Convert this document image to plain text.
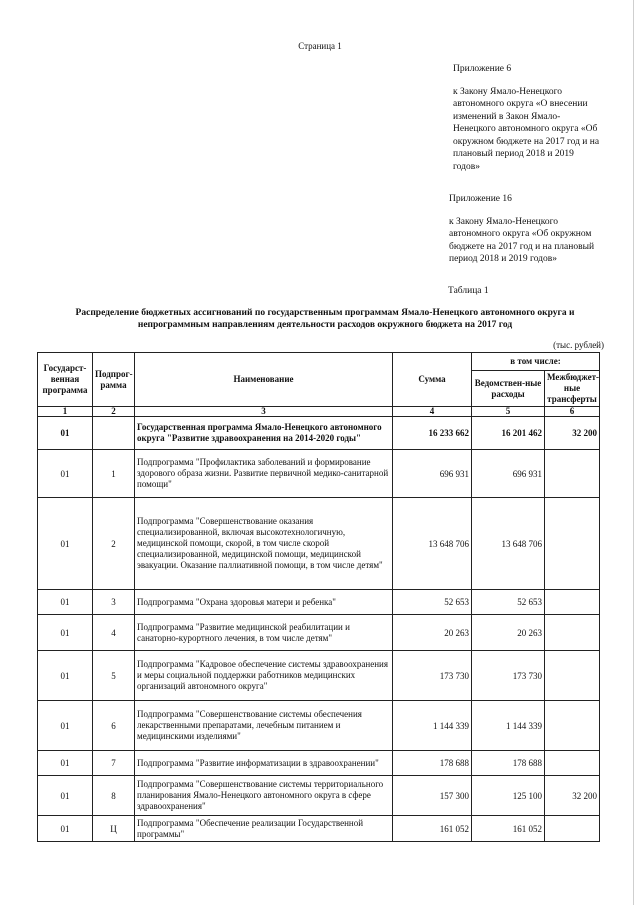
Страница 1
Приложение 6
к Закону Ямало-Ненецкого автономного округа «О внесении изменений в Закон Ямало-Ненецкого автономного округа «Об окружном бюджете на 2017 год и на плановый период 2018 и 2019 годов»
Приложение 16
к Закону Ямало-Ненецкого автономного округа «Об окружном бюджете на 2017 год и на плановый период 2018 и 2019 годов»
Таблица 1
Распределение бюджетных ассигнований по государственным программам Ямало-Ненецкого автономного округа и непрограммным направлениям деятельности расходов окружного бюджета на 2017 год
(тыс. рублей)
Государст-венная программа	Подпрог-рамма	Наименование	Сумма	в том числе:	
				Ведомствен-ные расходы	Межбюджет-ные трансферты
1	2	3	4	5	6
01		Государственная программа Ямало-Ненецкого автономного округа "Развитие здравоохранения на 2014-2020 годы"	16 233 662	16 201 462	32 200
01	1	Подпрограмма "Профилактика заболеваний и формирование здорового образа жизни. Развитие первичной медико-санитарной помощи"	696 931	696 931	
01	2	Подпрограмма "Совершенствование оказания специализированной, включая высокотехнологичную, медицинской помощи, скорой, в том числе скорой специализированной, медицинской помощи, медицинской эвакуации. Оказание паллиативной помощи, в том числе детям"	13 648 706	13 648 706	
01	3	Подпрограмма "Охрана здоровья матери и ребенка"	52 653	52 653	
01	4	Подпрограмма "Развитие медицинской реабилитации и санаторно-курортного лечения, в том числе детям"	20 263	20 263	
01	5	Подпрограмма "Кадровое обеспечение системы здравоохранения и меры социальной поддержки работников медицинских организаций автономного округа"	173 730	173 730	
01	6	Подпрограмма "Совершенствование системы обеспечения лекарственными препаратами, лечебным питанием и медицинскими изделиями"	1 144 339	1 144 339	
01	7	Подпрограмма "Развитие информатизации в здравоохранении"	178 688	178 688	
01	8	Подпрограмма "Совершенствование системы территориального планирования Ямало-Ненецкого автономного округа в сфере здравоохранения"	157 300	125 100	32 200
01	Ц	Подпрограмма "Обеспечение реализации Государственной программы"	161 052	161 052	
